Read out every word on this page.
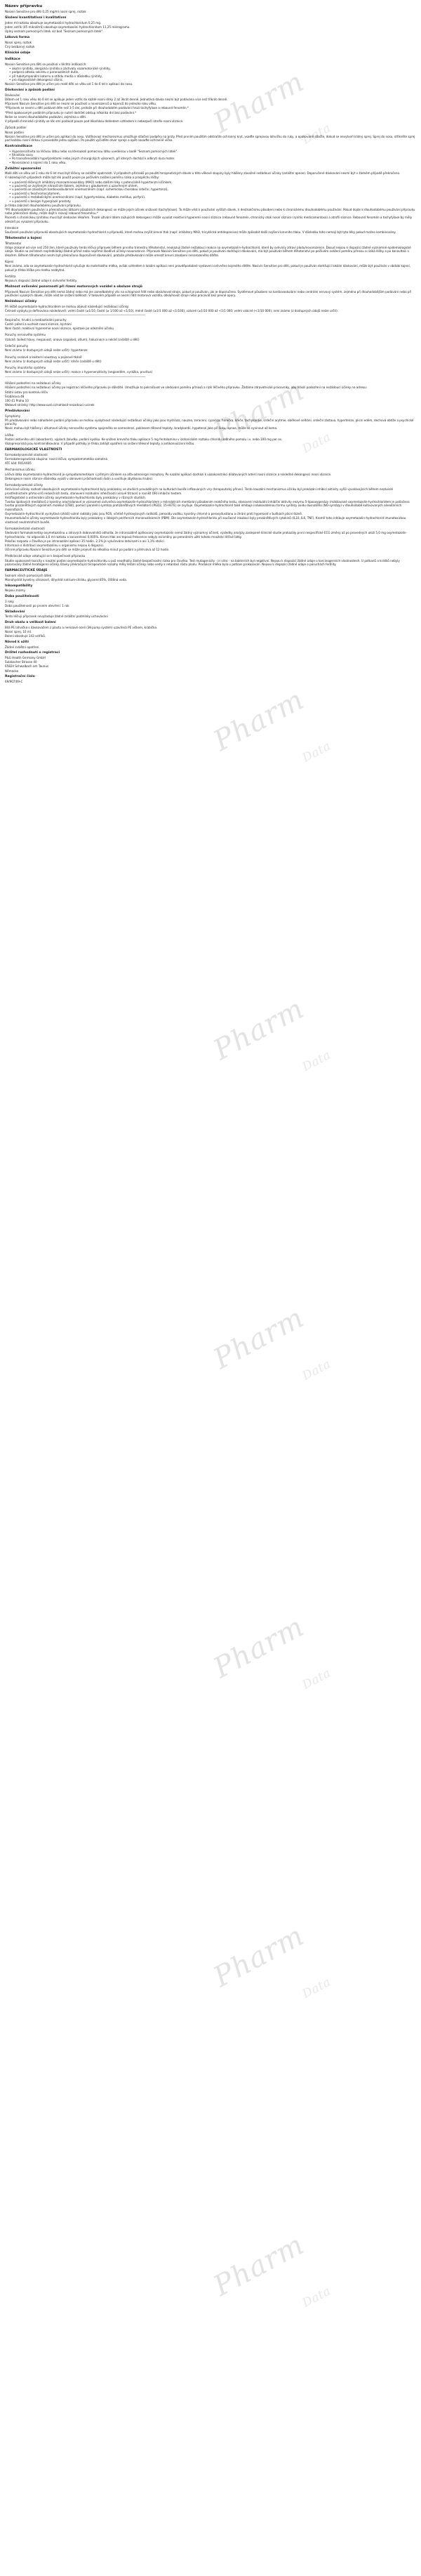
Pharm
Pharm
Pharm
Pharm
Pharm
Pharm
Pharm
Pharm
Data
Data
Data
Data
Data
Data
Data
Data
Název přípravku

Nasivin Sensitive pro děti 0,25 mg/ml nosní sprej, roztok

Složení kvantitativní i kvalitativní

Jeden ml roztoku obsahuje oxymetazolini hydrochloridum 0,25 mg.

Jeden vstřik (45 mikrolitrů) obsahuje oxymetazolini hydrochloridum 11,25 mikrogramu.

Úplný seznam pomocných látek viz bod "Seznam pomocných látek".

Léková forma

Nosní sprej, roztok

Čirý bezbarvý roztok

Klinické údaje
Indikace

Nasivin Sensitive pro děti se používá v těchto indikacích:

• akutní rýnitida, alergická rýnitida a záchvaty vazomotorické rýnitidy,
• podpora odtoku sekretu z paranazálních dutin,
• při tubotympanální katarru a otitidu media v důsledku rýnitidy,
• pro diagnostické dekongesci sliznic.

Nasivin Sensitive pro děti je určen pro malé děti ve věku od 1 do 6 let k aplikaci do nosu.

Dávkování a způsob podání

Dávkování

Dětem od 1 roku věku do 6 let se aplikuje jeden vstřik do každé nosní dírky 2 až 3krát denně. Jednotlivá dávka nesmí být podávána více než třikrát denně.

Přípravek Nasivin Sensitive pro děti se nesmí se používat u novorozenců a kojenců do jednoho roku věku.

*Přípravek se nesmí u dětí podávat déle než 3-5 dní, protože při dlouhodobém podávání hrozí tachyfylaxe a rebound fenomén.*

*Před opakovaným podáním přípravku je nutné dodržet odstup několika dní bez podávání.*

Nelze se nesmí dlouhodobého podávání, zejména u dětí.

V případě chronické rýnitidy se lék smí podávat pouze pod lékařskou dohledem vzhledem k nebezpečí atrofie nosní sliznice.

Způsob podání

Nosní podání.

Nasivin Sensitive pro děti je určen pro aplikaci do nosu. Vstřikovací mechanismus umožňuje stlačení podpěry na prsty. Před prvním použitím odstraňte ochranný kryt, vsaďte sprejovou lahvičku do ruky, a opakovaně stlačte, dokud se nevytvoří klidný sprej. Sprej do nosu, stříkněte sprej pod každou nosní dírkou a provedete jednu aplikaci. Po použití vyčistěte otvor spreje a opět nasaďte ochranné víčko.

Kontraindikace
• Hypersenzitivita na léčivou látku nebo na kteroukoli pomocnou látku uvedenou v bodě "Seznam pomocných látek".
• Rhinitida sicca
• Po transsfenoidální hypofyzektomii nebo jiných chirurgických výkonech, při kterých dochází k odkrytí dura mater.
• Novorozenci a kojenci do 1 roku věku.
Zvláštní upozornění

Malé děti ve věku od 1 roku do 6 let musí být léčeny se zvláštní opatrností. V případech příznaků po použití terapeutických dávek u této věkové skupiny byly hlášeny závažné nežádoucí účinky (zvláštní apnoe). Doporučené dávkování nesmí být v žádném případě překročeno.

V následujících případech může být lék použit pouze po pečlivém zvážení poměru rizika a prospěchu léčby:

• u pacientů léčených inhibitory monoaminooxidázy (MAO) nebo dalšími léky s potenciálně hypertenzní účinkem,
• u pacientů se zvýšeným nitroočním tlakem, zejména s glaukomem s uzavřeným úhlem,
• u pacientů se závažným kardiovaskulárním onemocněním (např. ischemickou chorobou srdeční, hypertenzí),
• u pacientů s feochromocytomem,
• u pacientů s metabolickými onemocněními (např. hypertyreózou, diabetes mellitus, porfyrií),
• u pacientů s benigní hyperplazií prostaty.

Je třeba zabránit dlouhodobému používání přípravku.

*Při dlouhodobém používání a překračování látkami působících dekongesci se může jejich účinek snižovat (tachyfylaxe). To může vést k používání vyšších dávek, k destrukčnímu působení nebo k chronickému dlouhodobému používání. Pokud dojde k dlouhodobému používání přípravku nebo překročení dávky, může dojít k rozvoji rebound fenoménu.*

Pacienti s chronickou rýnitidou musí být sledováni lékařem. Trvalé užívání látem zúžujících dekongesci může vyvolat reaktivní hyperemii nosní sliznice (rebound fenomén, chronický otok nosní sliznice (rýnitis medicamentosa) a atrofii sliznice. Rebound fenomén a tachyfylaxe by měly odeznít po vysazení přípravku.

Interakce

Současné používání přípravků obsahujících oxymetazolin-hydrochlorid a přípravků, které mohou zvýšit krevní tlak (např. inhibitory MAO, tricyklická antidepresiva) může způsobit další zvýšení krevního tlaku. V důsledku toho nemají být tyto léky pokud možno kombinovány.

Těhotenství a kojení

Těhotenství

Údaje získané od více než 250 žen, které používaly tento léčivý přípravek během prvního trimestru těhotenství, neukazují žádné nežádoucí reakce na oxymetazolin-hydrochlorid, které by ovlivnily zdraví plodu/novorozence. Dosud nejsou k dispozici žádné významné epidemiologické údaje. Studie na zvířatech nepředkládají žádné přímé nebo nepřímé škodlivé účinky-novorozence. Přípravek Nasivin Sensitive pro děti, pokud je používán dodržující dávkování, má být používán během těhotenství po pečlivém zvážení poměru přínosu a rizika léčby a po konzultaci s lékařem. Během těhotenství nesmí být překročeno doporučené dávkování, protože předávkování může omezit krevní zásobení nenarozeného dítěte.

Kojení

Není známo, zda se oxymetazolin-hydrochlorid vylučuje do mateřského mléka, avšak vzhledem k lokální aplikaci není pravděpodobné vystavení ovlivněno kojeného dítěte. Nasivin Sensitive pro děti, pokud je používán dodržující lokální dávkování, může být používán v období kojení, pokud je třeba léčba pro matku nezbytná.

Fertilita

Nejsou k dispozici žádné údaje k ovlivnění fertility.

Možnost ovlivnění pozornosti při řízení motorových vozidel a obsluze strojů

Přípravek Nasivin Sensitive pro děti nemá žádný nebo má jen zanedbatelný vliv na schopnost řídit nebo obsluhovat stroje, pokud je používán, jak je doporučeno. Systémové působení na kardiovaskulární nebo centrální nervový systém, zejména při dlouhodobějším podávání nebo při používání vysokých dávek, může vést ke snížení bdělosti. V takovém případě se nesmí řídit motorová vozidla, obsluhovat stroje nebo pracovat bez pevné opory.

Nežádoucí účinky

Při léčbě oxymetazolin-hydrochloridem se mohou objevit následující nežádoucí účinky.

Četnost výskytu je definována následovně: velmi časté (≥1/10; časté (≥ 1/100 až <1/10), méně časté (≥1/1 000 až <1/100); vzácné (≥1/10 000 až <1/1 000; velmi vzácné (<1/10 000); není známo (z dostupných údajů nelze určit).

--------------------------------------------------------------------------------------------------------------------------------------------------------------------------

Respirační, hrudní a mediastinální poruchy

Časté: pálení a suchost nosní sliznice, kýchání

Není časté: reaktivní hyperemie nosní sliznice, epistaxe po odeznění účinku

Poruchy nervového systému

Vzácné: bolest hlavy, nespavost, únava (ospalost, útlum), halucinace a neklid (zvláště u dětí)

Srdeční poruchy

Není známo (z dostupných údajů nelze určit): hypertenze

Poruchy svalové a kosterní soustavy a pojivové tkáně

Není známo (z dostupných údajů nelze určit): křeče (zvláště u dětí)

Poruchy imunitního systému

Není známo (z dostupných údajů nelze určit): reakce z hypersenzitivity (angioedém, vyrážka, pruritus)

--------------------------------------------------------------------------------------------------------------------------------------------------------------------------

Hlášení podezření na nežádoucí účinky

Hlášení podezření na nežádoucí účinky po registraci léčivého přípravku je důležité. Umožňuje to pokračovat ve sledování poměru přínosů a rizik léčivého přípravku. Žádáme zdravotnické pracovníky, aby hlásili podezření na nežádoucí účinky na adresu:

Státní ústav pro kontrolu léčiv

Šrobárova 48

100 41 Praha 10

Webové stránky: http://www.sukl.cz/nahlasit-nezadouci-ucinek

Předávkování

Symptomy

Při předávkování nebo náhodném podání přípravku se mohou vyskytnout následující nežádoucí účinky jako jsou mydriáza, nauzea, zvracení, cyanóza, horečka, křeče, tachykardie, srdeční arytmie, oběhové selhání, srdeční zástava, hypertenze, plicní edém, dechová obtíže a psychické poruchy.

Navíc mohou být hlášeny i útlumové účinky nervového systému spojeného se somnolencí, poklesem tělesné teploty, bradykardií, hypotenzí jako při šoku, apnoe, může se vyvinout až koma.

Léčba

Podání aktivního uhlí (absorbent), výplach žaludku, podání kyslíku. Ke snížení krevního tlaku aplikace 5 mg fentolaminu v izotonickém roztoku chloridu sodného pomalu i.v. nebo 100 mg per os.

Vazopresorická jsou kontraindikována. V případě potřeby je třeba zahájit opatření na snížení tělesné teploty a antikonvulzivní léčbu.

FARMAKOLOGICKÉ VLASTNOSTI

Farmakodynamické vlastnosti

Farmakoterapeutická skupina: nosní léčiva; sympatomimetika samotná

ATC kód: R01AA05

Mechanismus účinku

Léčivá látka oxymetazolin-hydrochlorid je sympatomimetikum s přímým účinkem na alfa-adrenergní receptory. Po nazální aplikaci dochází k vazokonstrikci dilatovaných arterií nosní sliznice a následné dekongesci nosní sliznice.

Dekongesce nosní sliznice důsledku vyústí v obnovení průchodnosti dutin a uvolňuje zbytkovou trubici.

Farmakodynamické účinky

Antivirové účinky rozhodl obsahujících oxymetazolin-hydrochlorid byly prokázány ve studiích prováděných na kulturách buněk infikovaných viry (terapeutický přínos). Tento kauzální mechanismus účinku byl prokázán inhibicí aktivity vyšší vyvolávajících během nezávislé prostřednictvím přímo-vírů redukčních testu, stanovení reziduální infekčnosti (virové titrace) a rovněž ORI inhibiční testem.

Antiflogistické a antivirobní účinky oxymetazolin-hydrochloridu byly prokázány v různých studiích.

Tvorba lipidových mediátorů z kyseliny arachidonové je významné ovlivněna oxymetazolin-hydrochloridem v mikrolatních membrání působením reakčního testu, stanovení reziduální inhibiční aktivity enzymu 5-lipooxygenázy (mákkavané oxymetazolin-hydrochloridem je potlačena tvorba prozánětlivých signálních molekul (LTB4), pomocí paralelní syntéza protizánětlivých mediátorů (PGD2, 15-HETE) se zvyšuje. Oxymetazolin-hydrochlorid také inhibuje indukovatelnou formu syntézy oxidu dusnatého (NO-syntázy) v dlouhodobě kultivovaných alveolárních makrofázích.

Oxymetazolin-hydrochlorid vychytává (zháší) volné radikály jako jsou ROS, včetně hydroxylových radikálů, peroxidu vodíku, kyseliny chlorné a peroxydusitanu a chrání proti hyperoxid v buňkách plicní tkáně.

Imunomodulační účinky oxymetazolin-hydrochloridu byly prokázány v lidských periferních mononukleárních (PBM). Dle oxymetazolin-hydrochloridu při současné inkubaci byly prozánětlivých cytokinů (IL10, IL6, TNF). Kromě toho inhibuje oxymetazolin-hydrochlorid imunotoxickou vlastnost neutrotrofních buněk.

Farmakokinetické vlastnosti

Sledování farmakokinetiky oxymetazolinu u zdravých dobrovolníků odhalila, že intranazálně aplikovaný oxymetazolin nemá žádný významný účinek, výsledky analýzy zaslepené klinické studie prokazály první nespecifické ECG změny až po provedných uloží 5,0 mg oxymetazolin-hydrochloridu - to odpovídá 3,0 ml roztoku o koncentraci 0,005%. Krevní tlak ani tepová frekvence nebyly ovlivněny po perorálním užití tohoto množství léčivé látky.

Poločas rozpadu v člověka je po intranazální aplikaci 35 hodin. 2,1% je vylučováno ledvinami a asi 1,1% stolicí.

Informace o distribuci oxymetazolinu v organismu nejsou k dispozici.

Účinné přípravku Nasivin Sensitive pro děti se může projevit do několika minut po podání a přetrvává až 12 hodin.

Předklinické údaje vztahující se k bezpečnosti přípravku

Studie opakované toxicity s nasální podání oxymetazolin-hydrochloridu u psů neodhalily žádné bezpečnostní rizika pro člověka. Test mutagenicity - in vitro - na bakteriích byl negativní. Nejsou k dispozici žádné údaje o karcinogenních vlastnostech. U potkanů a králíků nebyly pozorovány žádné teratogenní účinky. Dávky překračující terapeutické rozsahy měly letální účinky nebo vedly k retardaci růstu plodu. Produkce mléka byla u potkaní prokazován. Nejsou k dispozici žádné údaje o poruchách fertility.

FARMACEUTICKÉ ÚDAJE

Seznam všech pomocných látek

Monohydrát kyseliny citronové, dihydrát natrium-citrátu, glycerol 85%, čištěná voda.

Inkompatibility

Nejsou známy.

Doba použitelnosti

3 roky.

Doba použitelnosti po prvním otevření: 1 rok

Skladování

Tento léčivý přípravek nevyžaduje žádné zvláštní podmínky uchovávání

Druh obalu a velikost balení

Bílá PE lahvička s dávkovačem z plastu a nerezové oceli (3K-pump systém) uzavřená PE víčkem, krabička.

Nosní sprej, 10 ml.

Balení obsahuje 143 vstřiků.

Návod k užití

Žádné zvláštní opatření.

Držitel rozhodnutí o registraci

P&G Health Germany GmbH

Sulzbacher Strasse 40

65824 Schwalbach am Taunus

Německo

Registrační číslo

69/907/09-C
